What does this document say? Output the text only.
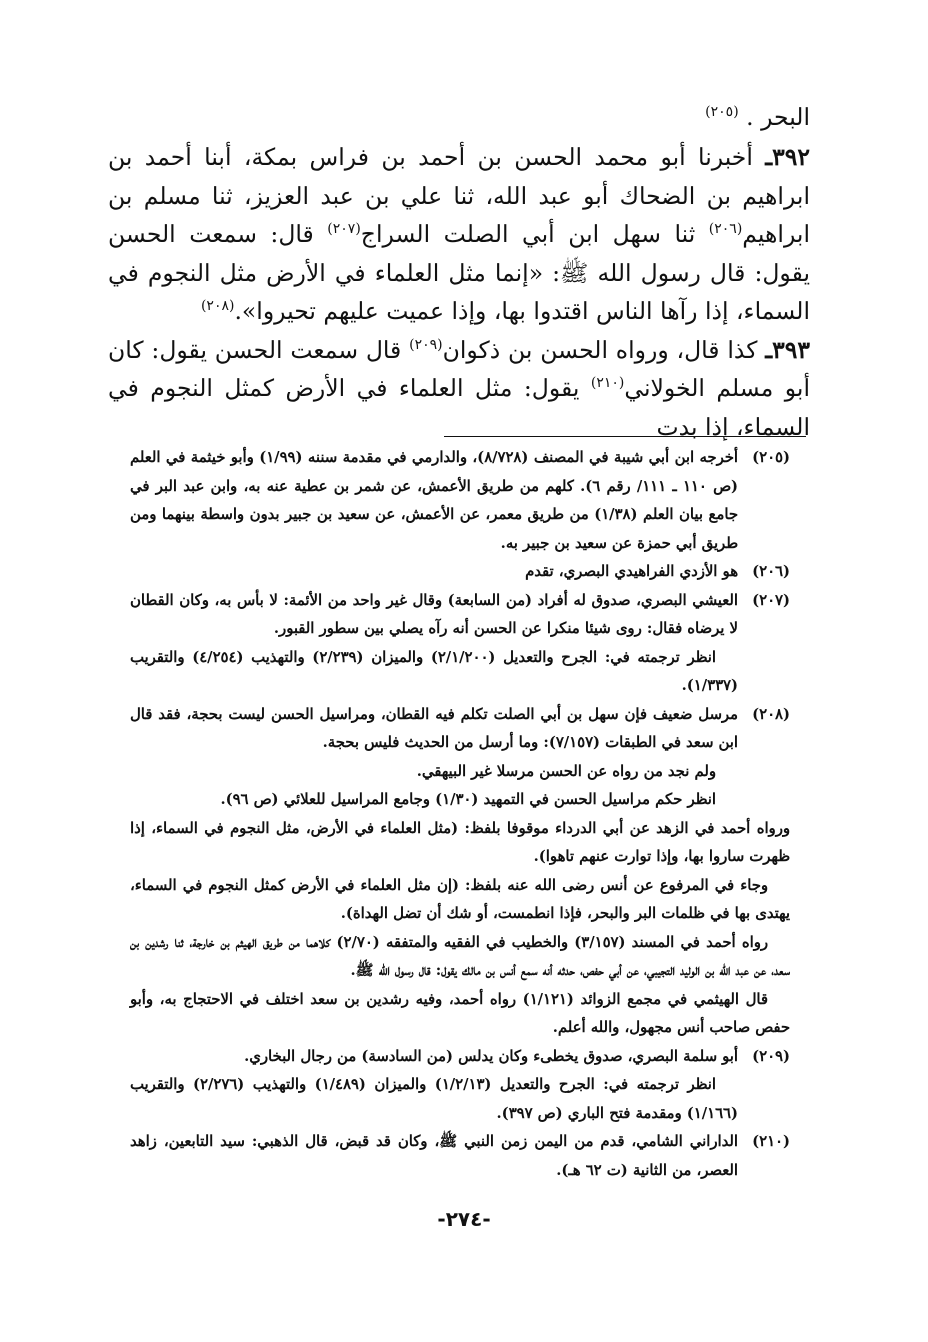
البحر . $^{(٢٠٥)}$

٣٩٢ـ أخبرنا أبو محمد الحسن بن أحمد بن فراس بمكة، أبنا أحمد بن ابراهيم بن الضحاك أبو عبد الله، ثنا علي بن عبد العزيز، ثنا مسلم بن ابراهيم$^{(٢٠٦)}$ ثنا سهل ابن أبي الصلت السراج$^{(٢٠٧)}$ قال: سمعت الحسن يقول: قال رسول الله ﷺ: «إنما مثل العلماء في الأرض مثل النجوم في السماء، إذا رآها الناس اقتدوا بها، وإذا عميت عليهم تحيروا».$^{(٢٠٨)}$

٣٩٣ـ كذا قال، ورواه الحسن بن ذكوان$^{(٢٠٩)}$ قال سمعت الحسن يقول: كان أبو مسلم الخولاني$^{(٢١٠)}$ يقول: مثل العلماء في الأرض كمثل النجوم في السماء، إذا بدت

(٢٠٥)

أخرجه ابن أبي شيبة في المصنف (٨/٧٢٨)، والدارمي في مقدمة سننه (١/٩٩) وأبو خيثمة في العلم (ص ١١٠ ـ ١١١/ رقم ٦). كلهم من طريق الأعمش، عن شمر بن عطية عنه به، وابن عبد البر في جامع بيان العلم (١/٣٨) من طريق معمر، عن الأعمش، عن سعيد بن جبير بدون واسطة بينهما ومن طريق أبي حمزة عن سعيد بن جبير به.

(٢٠٦)

هو الأزدي الفراهيدي البصري، تقدم

(٢٠٧)

العيشي البصري، صدوق له أفراد (من السابعة) وقال غير واحد من الأئمة: لا بأس به، وكان القطان لا يرضاه فقال: روى شيئا منكرا عن الحسن أنه رآه يصلي بين سطور القبور.

انظر ترجمته في: الجرح والتعديل (٢/١/٢٠٠) والميزان (٢/٢٣٩) والتهذيب (٤/٢٥٤) والتقريب (١/٣٣٧).

(٢٠٨)

مرسل ضعيف فإن سهل بن أبي الصلت تكلم فيه القطان، ومراسيل الحسن ليست بحجة، فقد قال ابن سعد في الطبقات (٧/١٥٧): وما أرسل من الحديث فليس بحجة.

ولم نجد من رواه عن الحسن مرسلا غير البيهقي.

انظر حكم مراسيل الحسن في التمهيد (١/٣٠) وجامع المراسيل للعلائي (ص ٩٦).

ورواه أحمد في الزهد عن أبي الدرداء موقوفا بلفظ: (مثل العلماء في الأرض، مثل النجوم في السماء، إذا ظهرت ساروا بها، وإذا توارت عنهم تاهوا).

وجاء في المرفوع عن أنس رضى الله عنه بلفظ: (إن مثل العلماء في الأرض كمثل النجوم في السماء، يهتدى بها في ظلمات البر والبحر، فإذا انطمست، أو شك أن تضل الهداة).

رواه أحمد في المسند (٣/١٥٧) والخطيب في الفقيه والمتفقه (٢/٧٠) كلاهما من طريق الهيثم بن خارجة، ثنا رشدين بن سعد، عن عبد الله بن الوليد التجيبي، عن أبي حفص، حدثه أنه سمع أنس بن مالك يقول: قال رسول الله ﷺ.

قال الهيثمي في مجمع الزوائد (١/١٢١) رواه أحمد، وفيه رشدين بن سعد اختلف في الاحتجاج به، وأبو حفص صاحب أنس مجهول، والله أعلم.

(٢٠٩)

أبو سلمة البصري، صدوق يخطىء وكان يدلس (من السادسة) من رجال البخاري.

انظر ترجمته في: الجرح والتعديل (١/٢/١٣) والميزان (١/٤٨٩) والتهذيب (٢/٢٧٦) والتقريب (١/١٦٦) ومقدمة فتح الباري (ص ٣٩٧).

(٢١٠)

الداراني الشامي، قدم من اليمن زمن النبي ﷺ، وكان قد قبض، قال الذهبي: سيد التابعين، زاهد العصر، من الثانية (ت ٦٢ هـ).

-٢٧٤-
